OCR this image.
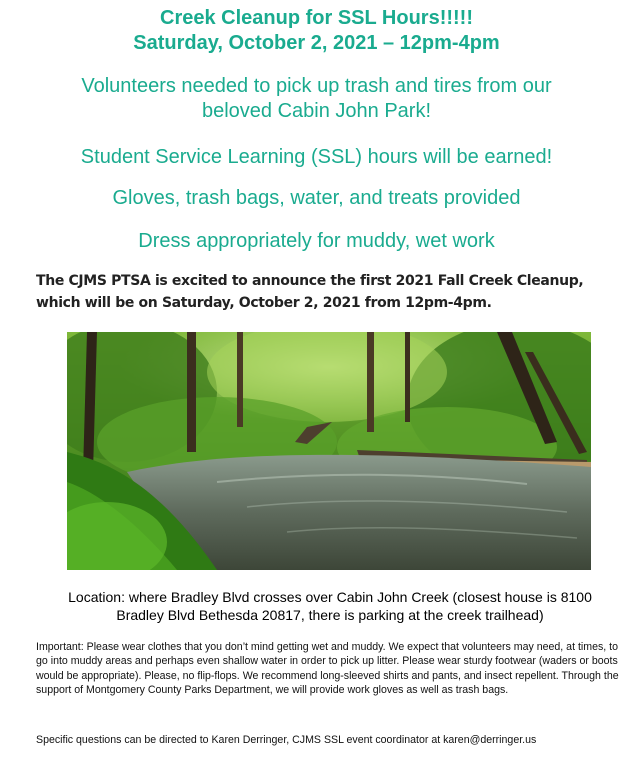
Creek Cleanup for SSL Hours!!!!!

Saturday, October 2, 2021 – 12pm-4pm

Volunteers needed to pick up trash and tires from our

beloved Cabin John Park!

Student Service Learning (SSL) hours will be earned!

Gloves, trash bags, water, and treats provided

Dress appropriately for muddy, wet work

The CJMS PTSA is excited to announce the first 2021 Fall Creek Cleanup, which will be on Saturday, October 2, 2021 from 12pm-4pm.

Location: where Bradley Blvd crosses over Cabin John Creek (closest house is 8100
Bradley Blvd Bethesda 20817, there is parking at the creek trailhead)

Important: Please wear clothes that you don’t mind getting wet and muddy. We expect that volunteers may need, at times, to go into muddy areas and perhaps even shallow water in order to pick up litter. Please wear sturdy footwear (waders or boots would be appropriate). Please, no flip-flops. We recommend long-sleeved shirts and pants, and insect repellent. Through the support of Montgomery County Parks Department, we will provide work gloves as well as trash bags.

Specific questions can be directed to Karen Derringer, CJMS SSL event coordinator at karen@derringer.us
